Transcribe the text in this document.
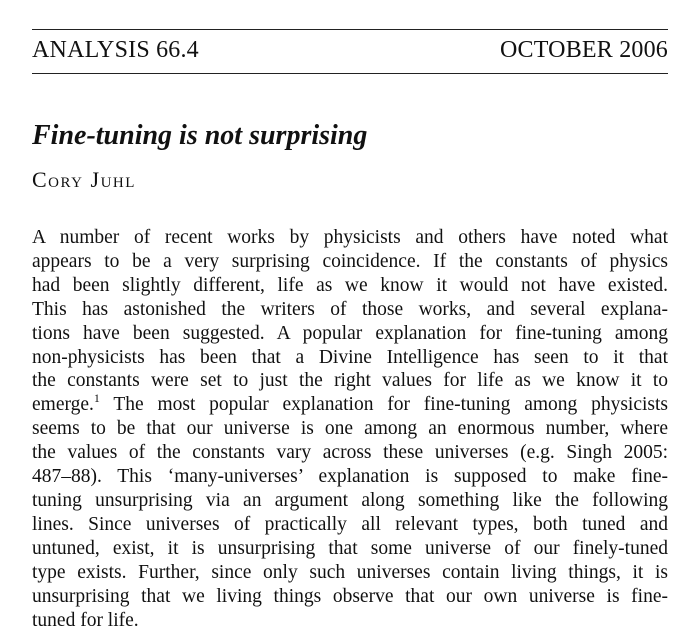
ANALYSIS 66.4	OCTOBER 2006
Fine-tuning is not surprising
Cory Juhl
A number of recent works by physicists and others have noted what
appears to be a very surprising coincidence. If the constants of physics
had been slightly different, life as we know it would not have existed.
This has astonished the writers of those works, and several explana-
tions have been suggested. A popular explanation for fine-tuning among
non-physicists has been that a Divine Intelligence has seen to it that
the constants were set to just the right values for life as we know it to
emerge.$^1$ The most popular explanation for fine-tuning among physicists
seems to be that our universe is one among an enormous number, where
the values of the constants vary across these universes (e.g. Singh 2005:
487–88). This ‘many-universes’ explanation is supposed to make fine-
tuning unsurprising via an argument along something like the following
lines. Since universes of practically all relevant types, both tuned and
untuned, exist, it is unsurprising that some universe of our finely-tuned
type exists. Further, since only such universes contain living things, it is
unsurprising that we living things observe that our own universe is fine-
tuned for life.
